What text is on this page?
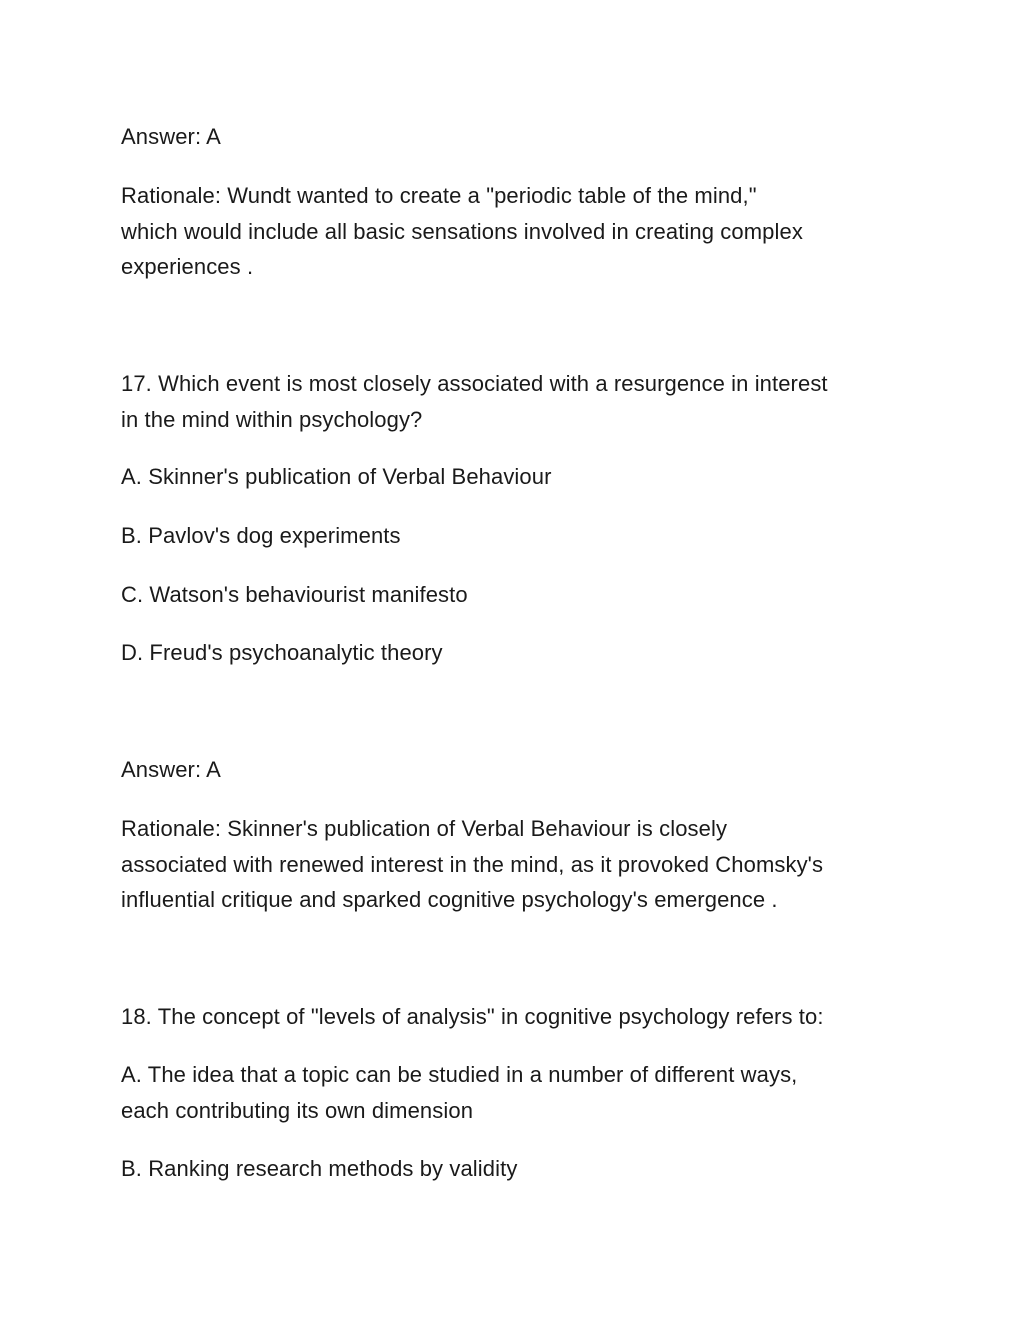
Answer: A
Rationale: Wundt wanted to create a "periodic table of the mind,"
which would include all basic sensations involved in creating complex
experiences .
17. Which event is most closely associated with a resurgence in interest
in the mind within psychology?
A. Skinner's publication of Verbal Behaviour
B. Pavlov's dog experiments
C. Watson's behaviourist manifesto
D. Freud's psychoanalytic theory
Answer: A
Rationale: Skinner's publication of Verbal Behaviour is closely
associated with renewed interest in the mind, as it provoked Chomsky's
influential critique and sparked cognitive psychology's emergence .
18. The concept of "levels of analysis" in cognitive psychology refers to:
A. The idea that a topic can be studied in a number of different ways,
each contributing its own dimension
B. Ranking research methods by validity
